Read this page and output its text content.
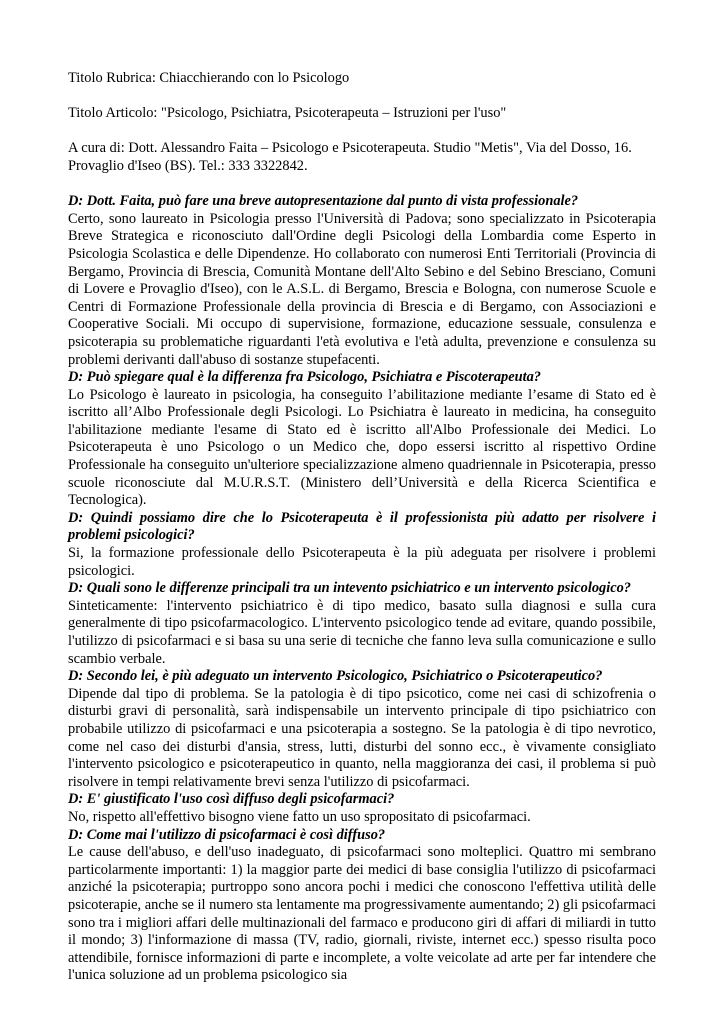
Titolo Rubrica: Chiacchierando con lo Psicologo

Titolo Articolo: "Psicologo, Psichiatra, Psicoterapeuta – Istruzioni per l'uso"

A cura di: Dott. Alessandro Faita – Psicologo e Psicoterapeuta. Studio "Metis", Via del Dosso, 16. Provaglio d'Iseo (BS). Tel.: 333 3322842.

D: Dott. Faita, può fare una breve autopresentazione dal punto di vista professionale?

Certo, sono laureato in Psicologia presso l'Università di Padova; sono specializzato in Psicoterapia Breve Strategica e riconosciuto dall'Ordine degli Psicologi della Lombardia come Esperto in Psicologia Scolastica e delle Dipendenze. Ho collaborato con numerosi Enti Territoriali (Provincia di Bergamo, Provincia di Brescia, Comunità Montane dell'Alto Sebino e del Sebino Bresciano, Comuni di Lovere e Provaglio d'Iseo), con le A.S.L. di Bergamo, Brescia e Bologna, con numerose Scuole e Centri di Formazione Professionale della provincia di Brescia e di Bergamo, con Associazioni e Cooperative Sociali. Mi occupo di supervisione, formazione, educazione sessuale, consulenza e psicoterapia su problematiche riguardanti l'età evolutiva e l'età adulta, prevenzione e consulenza su problemi derivanti dall'abuso di sostanze stupefacenti.

D: Può spiegare qual è la differenza fra Psicologo, Psichiatra e Piscoterapeuta?

Lo Psicologo è laureato in psicologia, ha conseguito l’abilitazione mediante l’esame di Stato ed è iscritto all’Albo Professionale degli Psicologi. Lo Psichiatra è laureato in medicina, ha conseguito l'abilitazione mediante l'esame di Stato ed è iscritto all'Albo Professionale dei Medici. Lo Psicoterapeuta è uno Psicologo o un Medico che, dopo essersi iscritto al rispettivo Ordine Professionale ha conseguito un'ulteriore specializzazione almeno quadriennale in Psicoterapia, presso scuole riconosciute dal M.U.R.S.T. (Ministero dell’Università e della Ricerca Scientifica e Tecnologica).

D: Quindi possiamo dire che lo Psicoterapeuta è il professionista più adatto per risolvere i problemi psicologici?

Si, la formazione professionale dello Psicoterapeuta è la più adeguata per risolvere i problemi psicologici.

D: Quali sono le differenze principali tra un intevento psichiatrico e un intervento psicologico?

Sinteticamente: l'intervento psichiatrico è di tipo medico, basato sulla diagnosi e sulla cura generalmente di tipo psicofarmacologico. L'intervento psicologico tende ad evitare, quando possibile, l'utilizzo di psicofarmaci e si basa su una serie di tecniche che fanno leva sulla comunicazione e sullo scambio verbale.

D: Secondo lei, è più adeguato un intervento Psicologico, Psichiatrico o Psicoterapeutico?

Dipende dal tipo di problema. Se la patologia è di tipo psicotico, come nei casi di schizofrenia o disturbi gravi di personalità, sarà indispensabile un intervento principale di tipo psichiatrico con probabile utilizzo di psicofarmaci e una psicoterapia a sostegno. Se la patologia è di tipo nevrotico, come nel caso dei disturbi d'ansia, stress, lutti, disturbi del sonno ecc., è vivamente consigliato l'intervento psicologico e psicoterapeutico in quanto, nella maggioranza dei casi, il problema si può risolvere in tempi relativamente brevi senza l'utilizzo di psicofarmaci.

D: E' giustificato l'uso così diffuso degli psicofarmaci?

No, rispetto all'effettivo bisogno viene fatto un uso spropositato di psicofarmaci.

D: Come mai l'utilizzo di psicofarmaci è così diffuso?

Le cause dell'abuso, e dell'uso inadeguato, di psicofarmaci sono molteplici. Quattro mi sembrano particolarmente importanti: 1) la maggior parte dei medici di base consiglia l'utilizzo di psicofarmaci anziché la psicoterapia; purtroppo sono ancora pochi i medici che conoscono l'effettiva utilità delle psicoterapie, anche se il numero sta lentamente ma progressivamente aumentando; 2) gli psicofarmaci sono tra i migliori affari delle multinazionali del farmaco e producono giri di affari di miliardi in tutto il mondo; 3) l'informazione di massa (TV, radio, giornali, riviste, internet ecc.) spesso risulta poco attendibile, fornisce informazioni di parte e incomplete, a volte veicolate ad arte per far intendere che l'unica soluzione ad un problema psicologico sia
